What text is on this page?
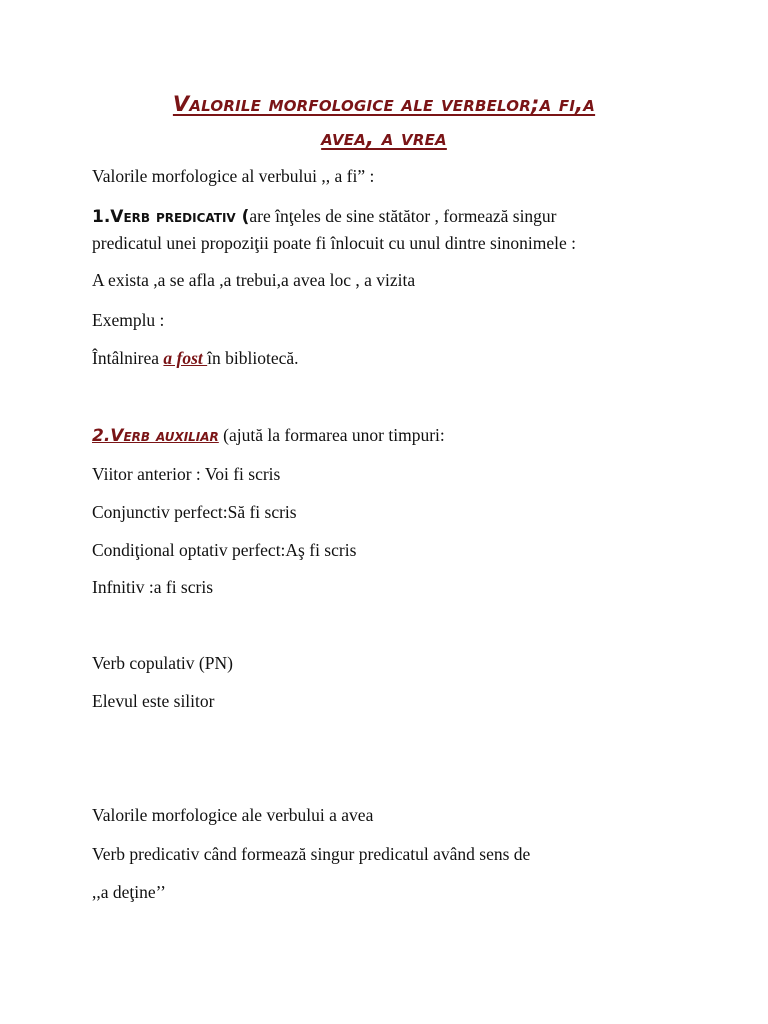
Valorile morfologice ale verbelor;a fi,a
avea, a vrea
Valorile morfologice al verbului ,, a fi” :
1.Verb predicativ (are înţeles de sine stătător , formează singur
predicatul unei propoziţii poate fi înlocuit cu unul dintre sinonimele :
A exista ,a se afla ,a trebui,a avea loc , a vizita
Exemplu :
Întâlnirea a fost în bibliotecă.
2.Verb auxiliar (ajută la formarea unor timpuri:
Viitor anterior : Voi fi scris
Conjunctiv perfect:Să fi scris
Condiţional optativ perfect:Aş fi scris
Infnitiv :a fi scris
Verb copulativ (PN)
Elevul este silitor
Valorile morfologice ale verbului a avea
Verb predicativ când formează singur predicatul având sens de
,,a deţine’’
